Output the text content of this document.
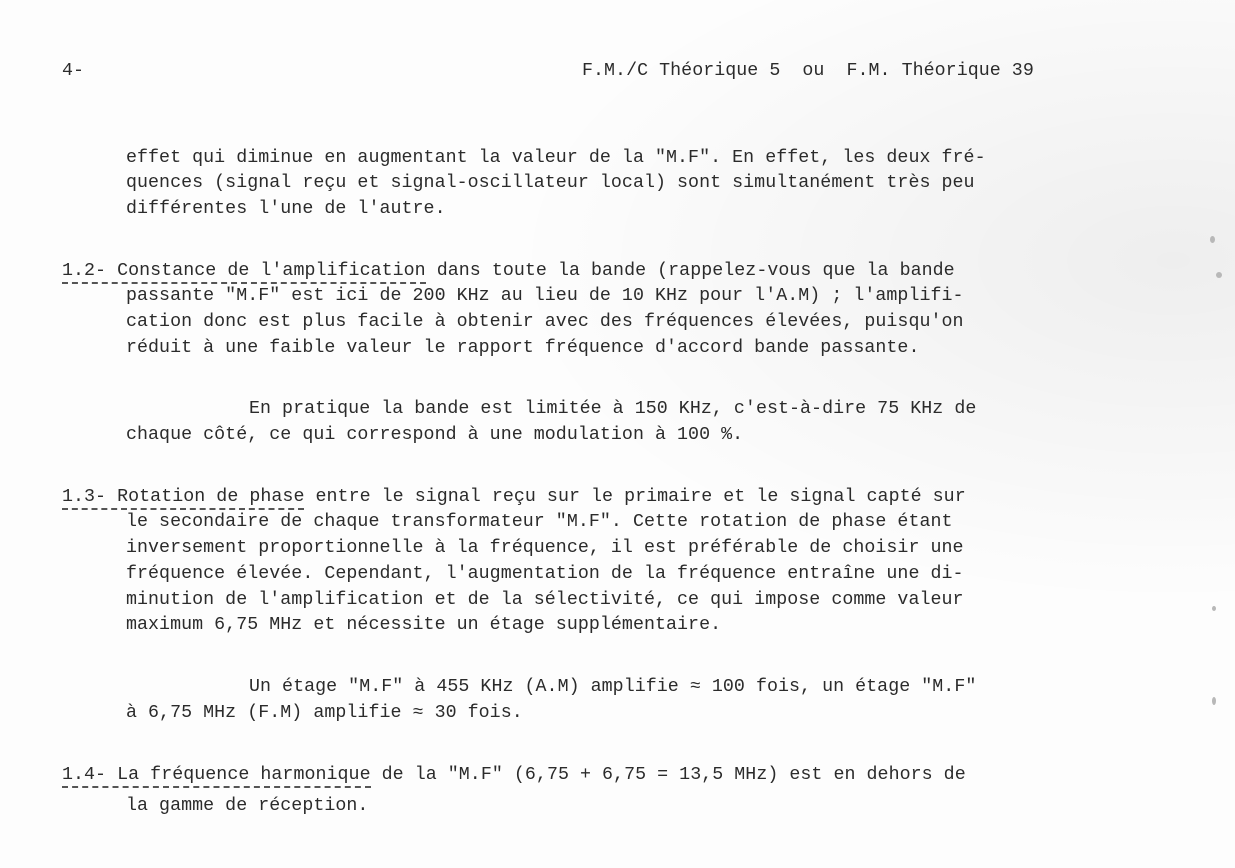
4-	F.M./C Théorique 5  ou  F.M. Théorique 39
effet qui diminue en augmentant la valeur de la "M.F". En effet, les deux fré-
quences (signal reçu et signal-oscillateur local) sont simultanément très peu
différentes l'une de l'autre.
1.2- Constance de l'amplification dans toute la bande (rappelez-vous que la bande
passante "M.F" est ici de 200 KHz au lieu de 10 KHz pour l'A.M) ; l'amplifi-
cation donc est plus facile à obtenir avec des fréquences élevées, puisqu'on
réduit à une faible valeur le rapport fréquence d'accord bande passante.
En pratique la bande est limitée à 150 KHz, c'est-à-dire 75 KHz de
chaque côté, ce qui correspond à une modulation à 100 %.
1.3- Rotation de phase entre le signal reçu sur le primaire et le signal capté sur
le secondaire de chaque transformateur "M.F". Cette rotation de phase étant
inversement proportionnelle à la fréquence, il est préférable de choisir une
fréquence élevée. Cependant, l'augmentation de la fréquence entraîne une di-
minution de l'amplification et de la sélectivité, ce qui impose comme valeur
maximum 6,75 MHz et nécessite un étage supplémentaire.
Un étage "M.F" à 455 KHz (A.M) amplifie ≈ 100 fois, un étage "M.F"
à 6,75 MHz (F.M) amplifie ≈ 30 fois.
1.4- La fréquence harmonique de la "M.F" (6,75 + 6,75 = 13,5 MHz) est en dehors de
la gamme de réception.
